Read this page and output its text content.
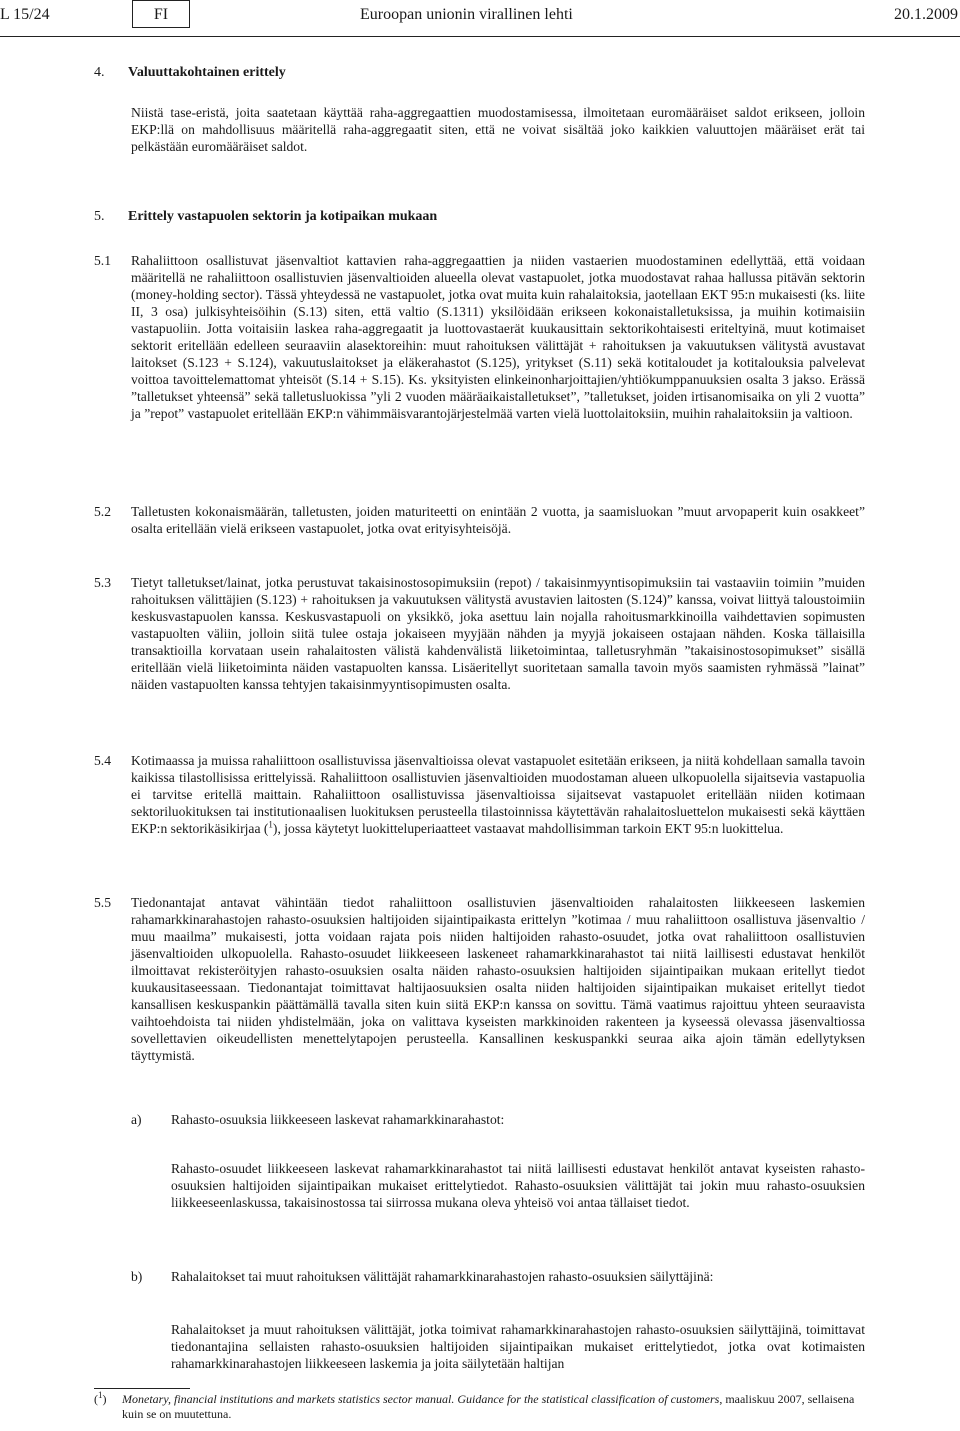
L 15/24	FI	Euroopan unionin virallinen lehti	20.1.2009
4. Valuuttakohtainen erittely
Niistä tase-eristä, joita saatetaan käyttää raha-aggregaattien muodostamisessa, ilmoitetaan euromääräiset saldot erikseen, jolloin EKP:llä on mahdollisuus määritellä raha-aggregaatit siten, että ne voivat sisältää joko kaikkien valuuttojen määräiset erät tai pelkästään euromääräiset saldot.
5. Erittely vastapuolen sektorin ja kotipaikan mukaan
5.1 Rahaliittoon osallistuvat jäsenvaltiot kattavien raha-aggregaattien ja niiden vastaerien muodostaminen edellyttää, että voidaan määritellä ne rahaliittoon osallistuvien jäsenvaltioiden alueella olevat vastapuolet, jotka muodostavat rahaa hallussa pitävän sektorin (money-holding sector). Tässä yhteydessä ne vastapuolet, jotka ovat muita kuin rahalaitoksia, jaotellaan EKT 95:n mukaisesti (ks. liite II, 3 osa) julkisyhteisöihin (S.13) siten, että valtio (S.1311) yksilöidään erikseen kokonaistalletuksissa, ja muihin kotimaisiin vastapuoliin. Jotta voitaisiin laskea raha-aggregaatit ja luottovastaerät kuukausittain sektorikohtaisesti eriteltyinä, muut kotimaiset sektorit eritellään edelleen seuraaviin alasektoreihin: muut rahoituksen välittäjät + rahoituksen ja vakuutuksen välitystä avustavat laitokset (S.123 + S.124), vakuutuslaitokset ja eläkerahastot (S.125), yritykset (S.11) sekä kotitaloudet ja kotitalouksia palvelevat voittoa tavoittelemattomat yhteisöt (S.14 + S.15). Ks. yksityisten elinkeinonharjoittajien/yhtiökumppanuuksien osalta 3 jakso. Erässä ”talletukset yhteensä” sekä talletusluokissa ”yli 2 vuoden määräaikaistalletukset”, ”talletukset, joiden irtisanomisaika on yli 2 vuotta” ja ”repot” vastapuolet eritellään EKP:n vähimmäisvarantojärjestelmää varten vielä luottolaitoksiin, muihin rahalaitoksiin ja valtioon.
5.2 Talletusten kokonaismäärän, talletusten, joiden maturiteetti on enintään 2 vuotta, ja saamisluokan ”muut arvopaperit kuin osakkeet” osalta eritellään vielä erikseen vastapuolet, jotka ovat erityisyhteisöjä.
5.3 Tietyt talletukset/lainat, jotka perustuvat takaisinostosopimuksiin (repot) / takaisinmyyntisopimuksiin tai vastaaviin toimiin ”muiden rahoituksen välittäjien (S.123) + rahoituksen ja vakuutuksen välitystä avustavien laitosten (S.124)” kanssa, voivat liittyä taloustoimiin keskusvastapuolen kanssa. Keskusvastapuoli on yksikkö, joka asettuu lain nojalla rahoitusmarkkinoilla vaihdettavien sopimusten vastapuolten väliin, jolloin siitä tulee ostaja jokaiseen myyjään nähden ja myyjä jokaiseen ostajaan nähden. Koska tällaisilla transaktioilla korvataan usein rahalaitosten välistä kahdenvälistä liiketoimintaa, talletusryhmän ”takaisinostosopimukset” sisällä eritellään vielä liiketoiminta näiden vastapuolten kanssa. Lisäeritellyt suoritetaan samalla tavoin myös saamisten ryhmässä ”lainat” näiden vastapuolten kanssa tehtyjen takaisinmyyntisopimusten osalta.
5.4 Kotimaassa ja muissa rahaliittoon osallistuvissa jäsenvaltioissa olevat vastapuolet esitetään erikseen, ja niitä kohdellaan samalla tavoin kaikissa tilastollisissa erittelyissä. Rahaliittoon osallistuvien jäsenvaltioiden muodostaman alueen ulkopuolella sijaitsevia vastapuolia ei tarvitse eritellä maittain. Rahaliittoon osallistuvissa jäsenvaltioissa sijaitsevat vastapuolet eritellään niiden kotimaan sektoriluokituksen tai institutionaalisen luokituksen perusteella tilastoinnissa käytettävän rahalaitosluettelon mukaisesti sekä käyttäen EKP:n sektorikäsikirjaa ($^1$), jossa käytetyt luokitteluperiaatteet vastaavat mahdollisimman tarkoin EKT 95:n luokittelua.
5.5 Tiedonantajat antavat vähintään tiedot rahaliittoon osallistuvien jäsenvaltioiden rahalaitosten liikkeeseen laskemien rahamarkkinarahastojen rahasto-osuuksien haltijoiden sijaintipaikasta erittelyn ”kotimaa / muu rahaliittoon osallistuva jäsenvaltio / muu maailma” mukaisesti, jotta voidaan rajata pois niiden haltijoiden rahasto-osuudet, jotka ovat rahaliittoon osallistuvien jäsenvaltioiden ulkopuolella. Rahasto-osuudet liikkeeseen laskeneet rahamarkkinarahastot tai niitä laillisesti edustavat henkilöt ilmoittavat rekisteröityjen rahasto-osuuksien osalta näiden rahasto-osuuksien haltijoiden sijaintipaikan mukaan eritellyt tiedot kuukausitaseessaan. Tiedonantajat toimittavat haltijaosuuksien osalta niiden haltijoiden sijaintipaikan mukaiset eritellyt tiedot kansallisen keskuspankin päättämällä tavalla siten kuin siitä EKP:n kanssa on sovittu. Tämä vaatimus rajoittuu yhteen seuraavista vaihtoehdoista tai niiden yhdistelmään, joka on valittava kyseisten markkinoiden rakenteen ja kyseessä olevassa jäsenvaltiossa sovellettavien oikeudellisten menettelytapojen perusteella. Kansallinen keskuspankki seuraa aika ajoin tämän edellytyksen täyttymistä.
a) Rahasto-osuuksia liikkeeseen laskevat rahamarkkinarahastot:
Rahasto-osuudet liikkeeseen laskevat rahamarkkinarahastot tai niitä laillisesti edustavat henkilöt antavat kyseisten rahasto-osuuksien haltijoiden sijaintipaikan mukaiset erittelytiedot. Rahasto-osuuksien välittäjät tai jokin muu rahasto-osuuksien liikkeeseenlaskussa, takaisinostossa tai siirrossa mukana oleva yhteisö voi antaa tällaiset tiedot.
b) Rahalaitokset tai muut rahoituksen välittäjät rahamarkkinarahastojen rahasto-osuuksien säilyttäjinä:
Rahalaitokset ja muut rahoituksen välittäjät, jotka toimivat rahamarkkinarahastojen rahasto-osuuksien säilyttäjinä, toimittavat tiedonantajina sellaisten rahasto-osuuksien haltijoiden sijaintipaikan mukaiset erittelytiedot, jotka ovat kotimaisten rahamarkkinarahastojen liikkeeseen laskemia ja joita säilytetään haltijan
($^1$) Monetary, financial institutions and markets statistics sector manual. Guidance for the statistical classification of customers, maaliskuu 2007, sellaisena kuin se on muutettuna.
